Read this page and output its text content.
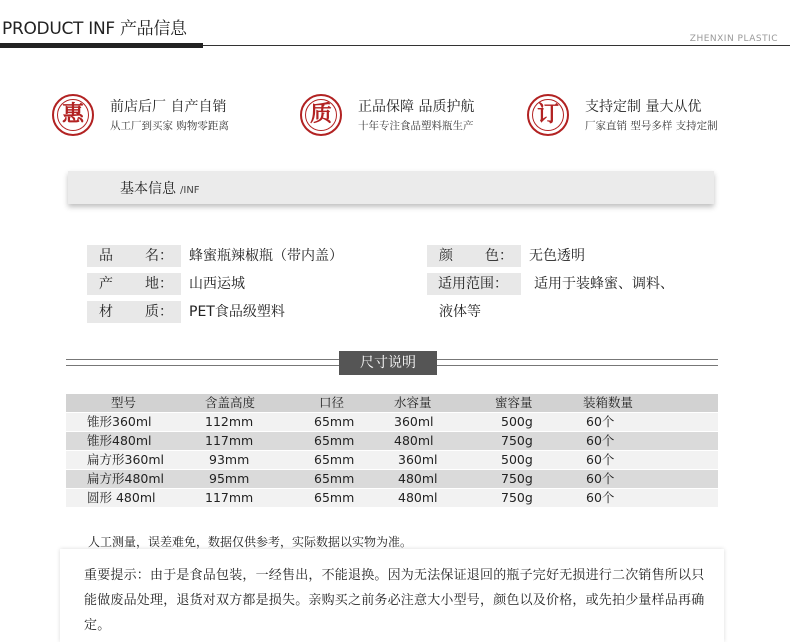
PRODUCT INF 产品信息	ZHENXIN PLASTIC
惠	前店后厂 自产自销
从工厂到买家 购物零距离	质	正品保障 品质护航
十年专注食品塑料瓶生产	订	支持定制 量大从优
厂家直销 型号多样 支持定制
基本信息 /INF
品 名： 蜂蜜瓶辣椒瓶（带内盖）
产 地： 山西运城
材 质： PET食品级塑料
颜 色： 无色透明
适用范围：	适用于装蜂蜜、调料、
液体等
尺寸说明
型号	含盖高度	口径	水容量	蜜容量	装箱数量
锥形360ml	112mm	65mm	360ml	500g	60个
锥形480ml	117mm	65mm	480ml	750g	60个
扁方形360ml	93mm	65mm	360ml	500g	60个
扁方形480ml	95mm	65mm	480ml	750g	60个
圆形 480ml	117mm	65mm	480ml	750g	60个
人工测量，误差难免，数据仅供参考，实际数据以实物为准。
重要提示：由于是食品包装，一经售出，不能退换。因为无法保证退回的瓶子完好无损进行二次销售所以只能做废品处理，退货对双方都是损失。亲购买之前务必注意大小型号，颜色以及价格，或先拍少量样品再确定。
